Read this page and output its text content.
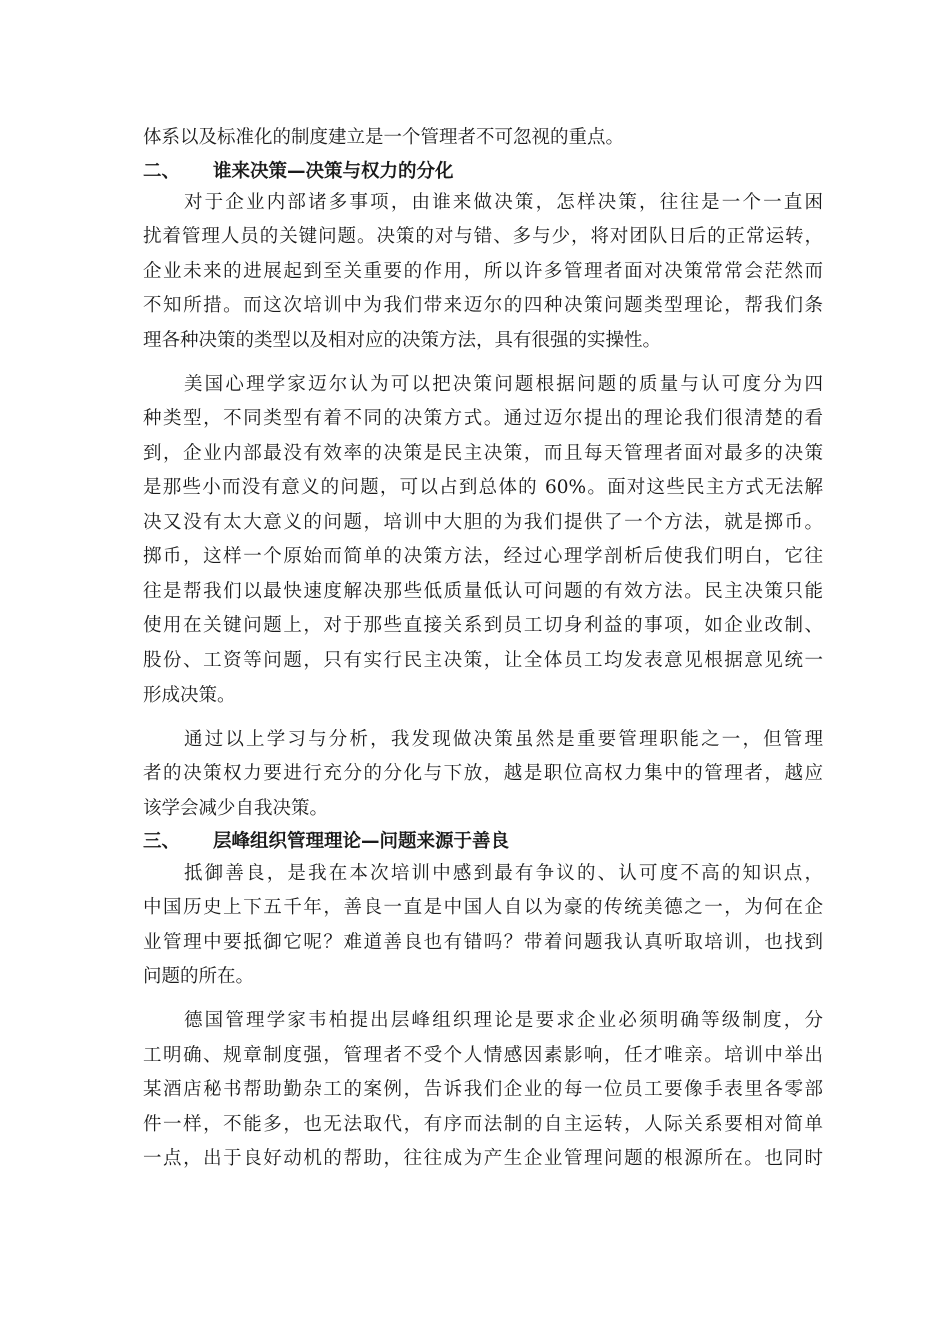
体系以及标准化的制度建立是一个管理者不可忽视的重点。
二、 谁来决策—决策与权力的分化
对于企业内部诸多事项，由谁来做决策，怎样决策，往往是一个一直困
扰着管理人员的关键问题。决策的对与错、多与少，将对团队日后的正常运转，
企业未来的进展起到至关重要的作用，所以许多管理者面对决策常常会茫然而
不知所措。而这次培训中为我们带来迈尔的四种决策问题类型理论，帮我们条
理各种决策的类型以及相对应的决策方法，具有很强的实操性。
美国心理学家迈尔认为可以把决策问题根据问题的质量与认可度分为四
种类型，不同类型有着不同的决策方式。通过迈尔提出的理论我们很清楚的看
到，企业内部最没有效率的决策是民主决策，而且每天管理者面对最多的决策
是那些小而没有意义的问题，可以占到总体的 60%。面对这些民主方式无法解
决又没有太大意义的问题，培训中大胆的为我们提供了一个方法，就是掷币。
掷币，这样一个原始而简单的决策方法，经过心理学剖析后使我们明白，它往
往是帮我们以最快速度解决那些低质量低认可问题的有效方法。民主决策只能
使用在关键问题上，对于那些直接关系到员工切身利益的事项，如企业改制、
股份、工资等问题，只有实行民主决策，让全体员工均发表意见根据意见统一
形成决策。
通过以上学习与分析，我发现做决策虽然是重要管理职能之一，但管理
者的决策权力要进行充分的分化与下放，越是职位高权力集中的管理者，越应
该学会减少自我决策。
三、 层峰组织管理理论—问题来源于善良
抵御善良，是我在本次培训中感到最有争议的、认可度不高的知识点，
中国历史上下五千年，善良一直是中国人自以为豪的传统美德之一，为何在企
业管理中要抵御它呢？难道善良也有错吗？带着问题我认真听取培训，也找到
问题的所在。
德国管理学家韦柏提出层峰组织理论是要求企业必须明确等级制度，分
工明确、规章制度强，管理者不受个人情感因素影响，任才唯亲。培训中举出
某酒店秘书帮助勤杂工的案例，告诉我们企业的每一位员工要像手表里各零部
件一样，不能多，也无法取代，有序而法制的自主运转，人际关系要相对简单
一点，出于良好动机的帮助，往往成为产生企业管理问题的根源所在。也同时
